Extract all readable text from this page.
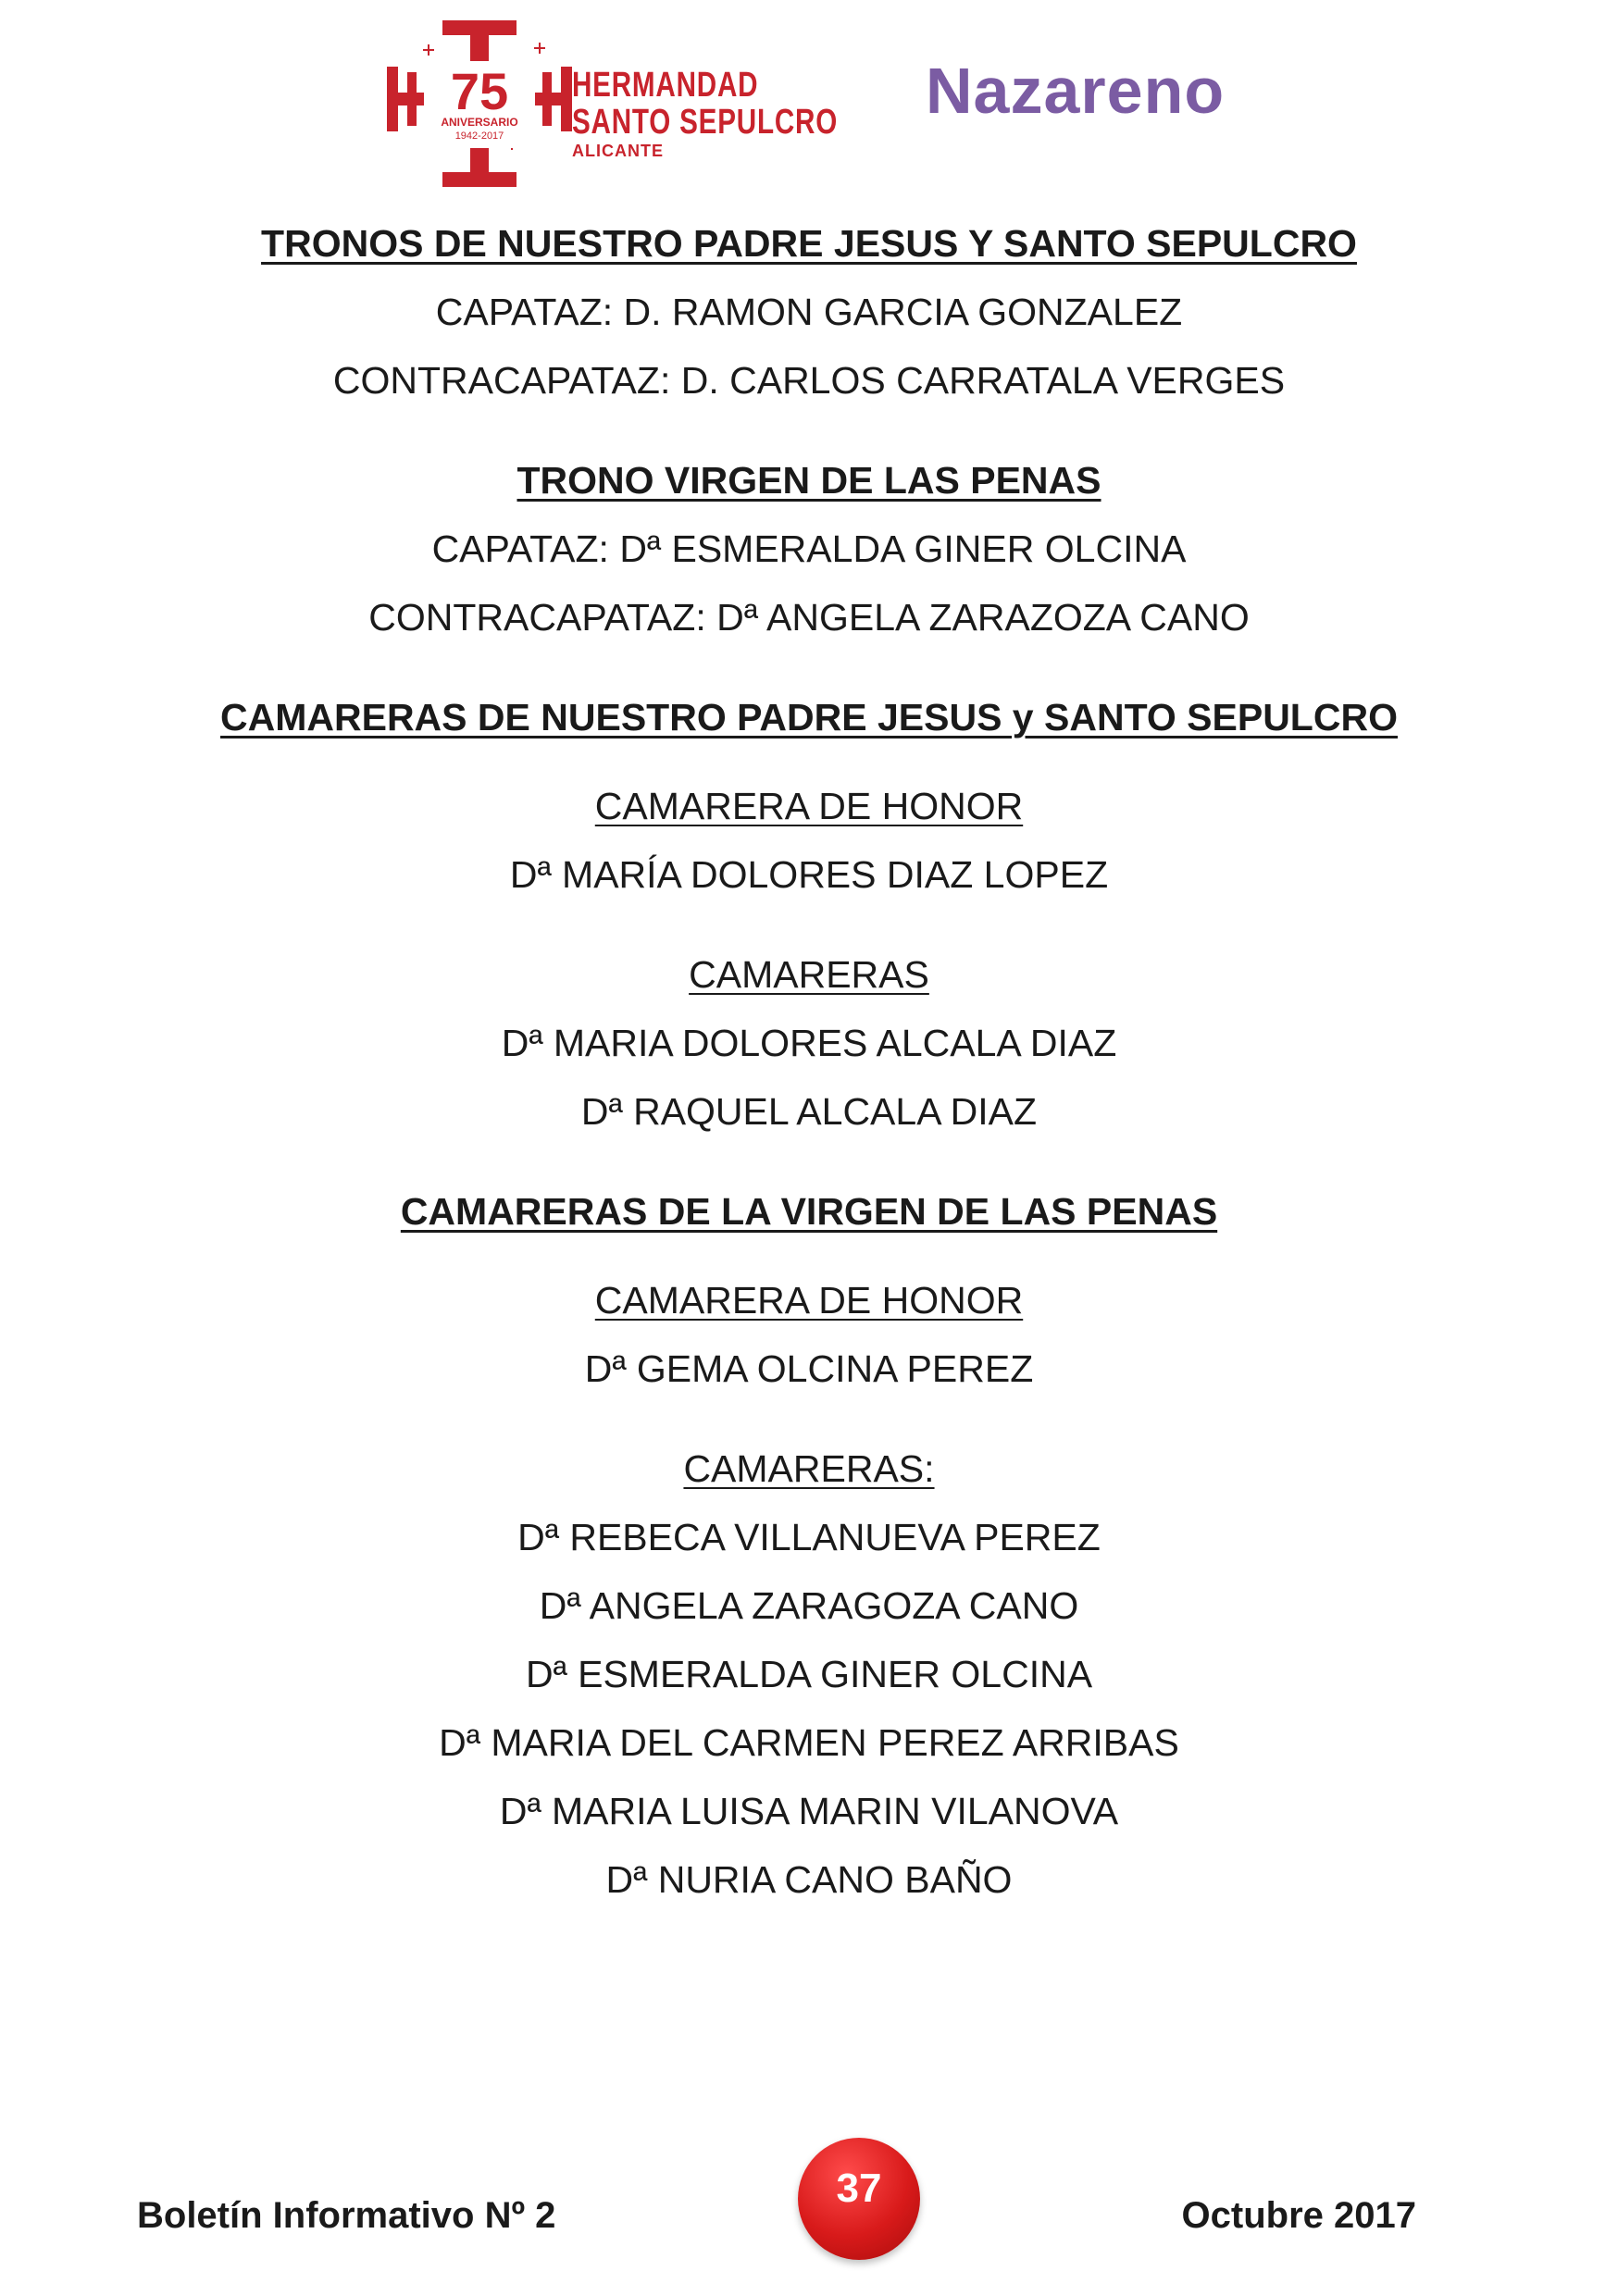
75
ANIVERSARIO
1942-2017
HERMANDAD
SANTO SEPULCRO
ALICANTE
Nazareno
TRONOS DE NUESTRO PADRE JESUS Y SANTO SEPULCRO
CAPATAZ: D. RAMON GARCIA GONZALEZ
CONTRACAPATAZ: D. CARLOS CARRATALA VERGES
TRONO VIRGEN DE LAS PENAS
CAPATAZ: Dª ESMERALDA GINER OLCINA
CONTRACAPATAZ: Dª ANGELA ZARAZOZA CANO
CAMARERAS DE NUESTRO PADRE JESUS y SANTO SEPULCRO
CAMARERA DE HONOR
Dª MARÍA DOLORES DIAZ LOPEZ
CAMARERAS
Dª MARIA DOLORES ALCALA DIAZ
Dª RAQUEL ALCALA DIAZ
CAMARERAS DE LA VIRGEN DE LAS PENAS
CAMARERA DE HONOR
Dª GEMA OLCINA PEREZ
CAMARERAS:
Dª REBECA VILLANUEVA PEREZ
Dª ANGELA ZARAGOZA CANO
Dª ESMERALDA GINER OLCINA
Dª MARIA DEL CARMEN PEREZ ARRIBAS
Dª MARIA LUISA MARIN VILANOVA
Dª NURIA CANO BAÑO
Boletín Informativo Nº 2
37
Octubre 2017
